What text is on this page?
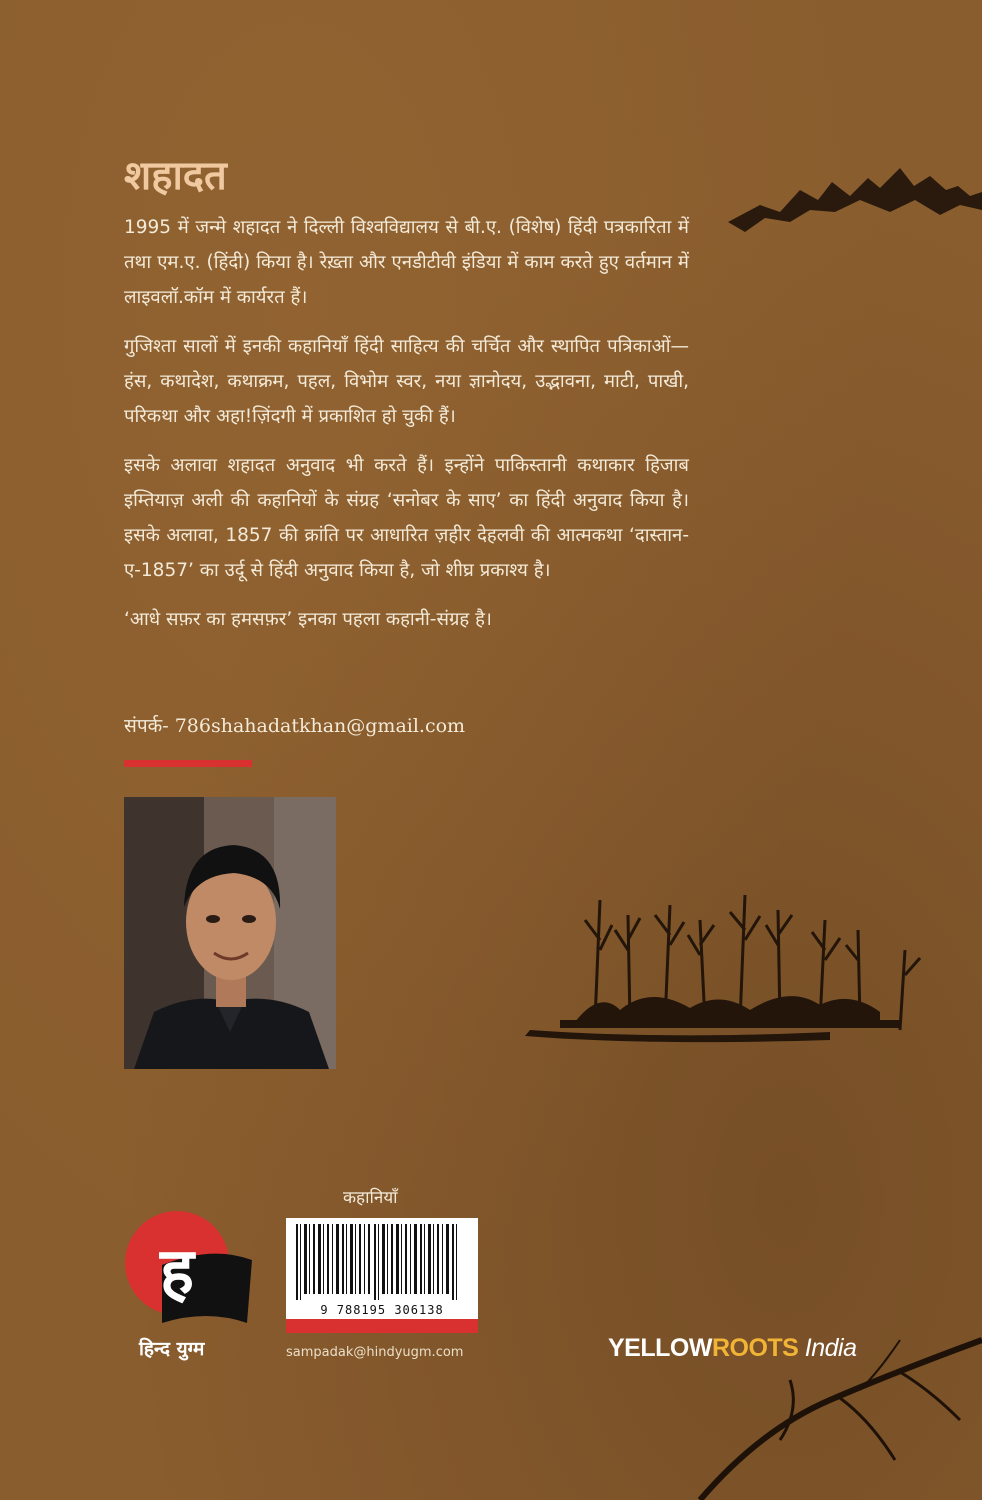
शहादत

1995 में जन्मे शहादत ने दिल्ली विश्वविद्यालय से बी.ए. (विशेष) हिंदी पत्रकारिता में तथा एम.ए. (हिंदी) किया है। रेख़्ता और एनडीटीवी इंडिया में काम करते हुए वर्तमान में लाइवलॉ.कॉम में कार्यरत हैं।

गुजिश्ता सालों में इनकी कहानियाँ हिंदी साहित्य की चर्चित और स्थापित पत्रिकाओं—हंस, कथादेश, कथाक्रम, पहल, विभोम स्वर, नया ज्ञानोदय, उद्भावना, माटी, पाखी, परिकथा और अहा!ज़िंदगी में प्रकाशित हो चुकी हैं।

इसके अलावा शहादत अनुवाद भी करते हैं। इन्होंने पाकिस्तानी कथाकार हिजाब इम्तियाज़ अली की कहानियों के संग्रह ‘सनोबर के साए’ का हिंदी अनुवाद किया है। इसके अलावा, 1857 की क्रांति पर आधारित ज़हीर देहलवी की आत्मकथा ‘दास्तान-ए-1857’ का उर्दू से हिंदी अनुवाद किया है, जो शीघ्र प्रकाश्य है।

‘आधे सफ़र का हमसफ़र’ इनका पहला कहानी-संग्रह है।

संपर्क- 786shahadatkhan@gmail.com
कहानियाँ
9 788195 306138
sampadak@hindyugm.com
ह
हिन्द युग्म	YELLOWROOTS India
